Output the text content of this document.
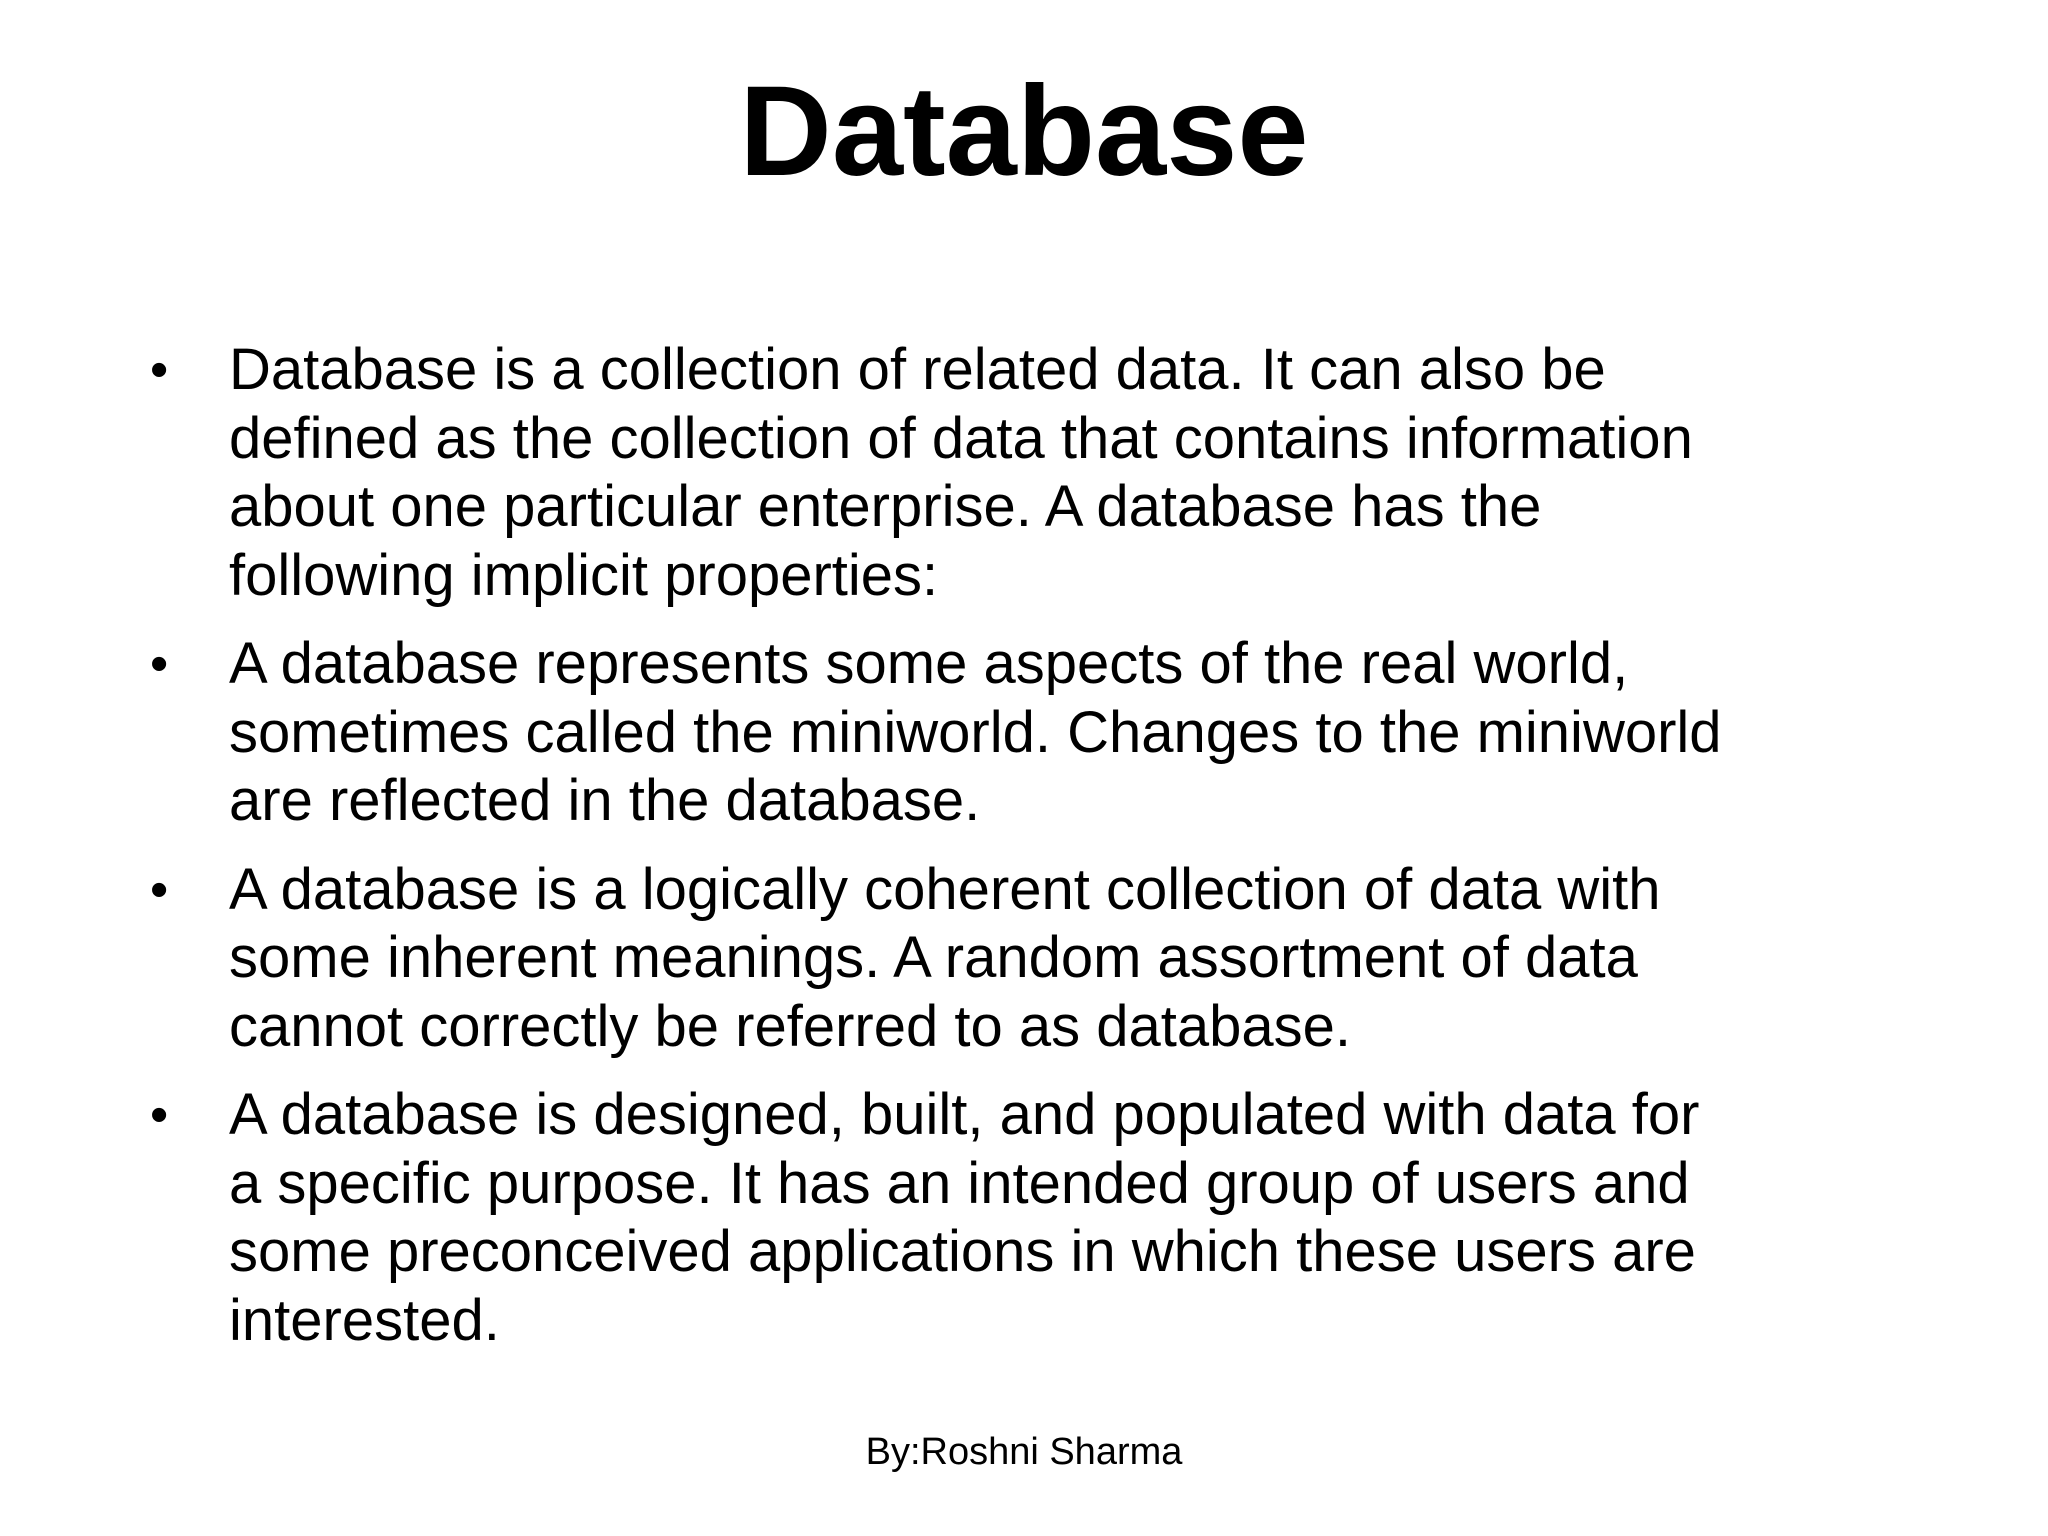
Database
•	Database is a collection of related data. It can also be
defined as the collection of data that contains information
about one particular enterprise. A database has the
following implicit properties:
•	A database represents some aspects of the real world,
sometimes called the miniworld. Changes to the miniworld
are reflected in the database.
•	A database is a logically coherent collection of data with
some inherent meanings. A random assortment of data
cannot correctly be referred to as database.
•	A database is designed, built, and populated with data for
a specific purpose. It has an intended group of users and
some preconceived applications in which these users are
interested.
By:Roshni Sharma
